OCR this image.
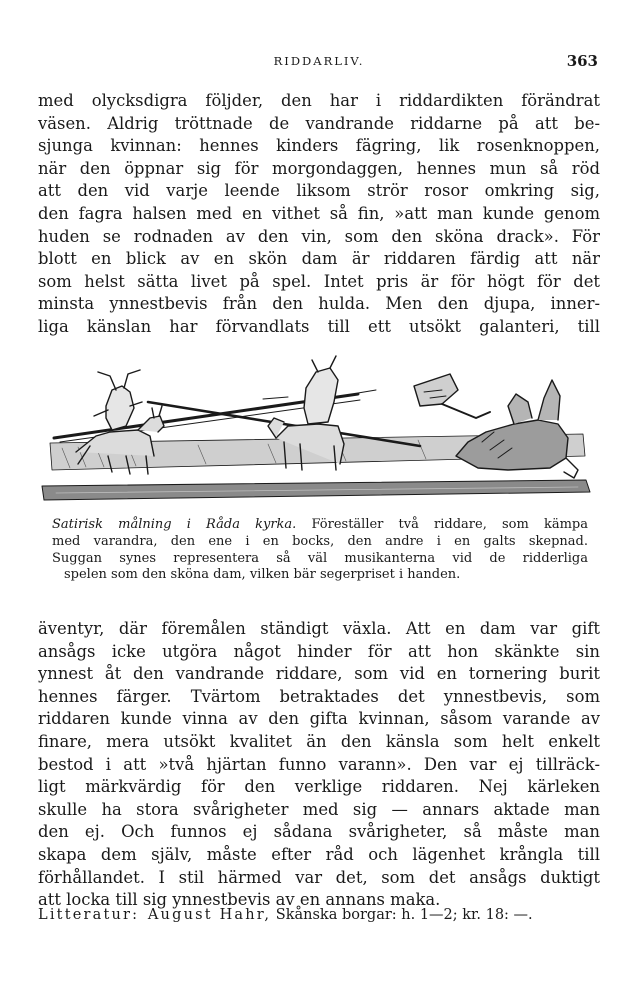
RIDDARLIV.	363

med olycksdigra följder, den har i riddardikten förändrat
väsen. Aldrig tröttnade de vandrande riddarne på att be-
sjunga kvinnan: hennes kinders fägring, lik rosenknoppen,
när den öppnar sig för morgondaggen, hennes mun så röd
att den vid varje leende liksom strör rosor omkring sig,
den fagra halsen med en vithet så fin, »att man kunde genom
huden se rodnaden av den vin, som den sköna drack». För
blott en blick av en skön dam är riddaren färdig att när
som helst sätta livet på spel. Intet pris är för högt för det
minsta ynnestbevis från den hulda. Men den djupa, inner-
liga känslan har förvandlats till ett utsökt galanteri, till

Satirisk målning i Råda kyrka. Föreställer två riddare, som kämpa
med varandra, den ene i en bocks, den andre i en galts skepnad.
Suggan synes representera så väl musikanterna vid de ridderliga
spelen som den sköna dam, vilken bär segerpriset i handen.

äventyr, där föremålen ständigt växla. Att en dam var gift
ansågs icke utgöra något hinder för att hon skänkte sin
ynnest åt den vandrande riddare, som vid en tornering burit
hennes färger. Tvärtom betraktades det ynnestbevis, som
riddaren kunde vinna av den gifta kvinnan, såsom varande av
finare, mera utsökt kvalitet än den känsla som helt enkelt
bestod i att »två hjärtan funno varann». Den var ej tillräck-
ligt märkvärdig för den verklige riddaren. Nej kärleken
skulle ha stora svårigheter med sig — annars aktade man
den ej. Och funnos ej sådana svårigheter, så måste man
skapa dem själv, måste efter råd och lägenhet krångla till
förhållandet. I stil härmed var det, som det ansågs duktigt
att locka till sig ynnestbevis av en annans maka.

Litteratur: August Hahr, Skånska borgar: h. 1—2; kr. 18: —.
